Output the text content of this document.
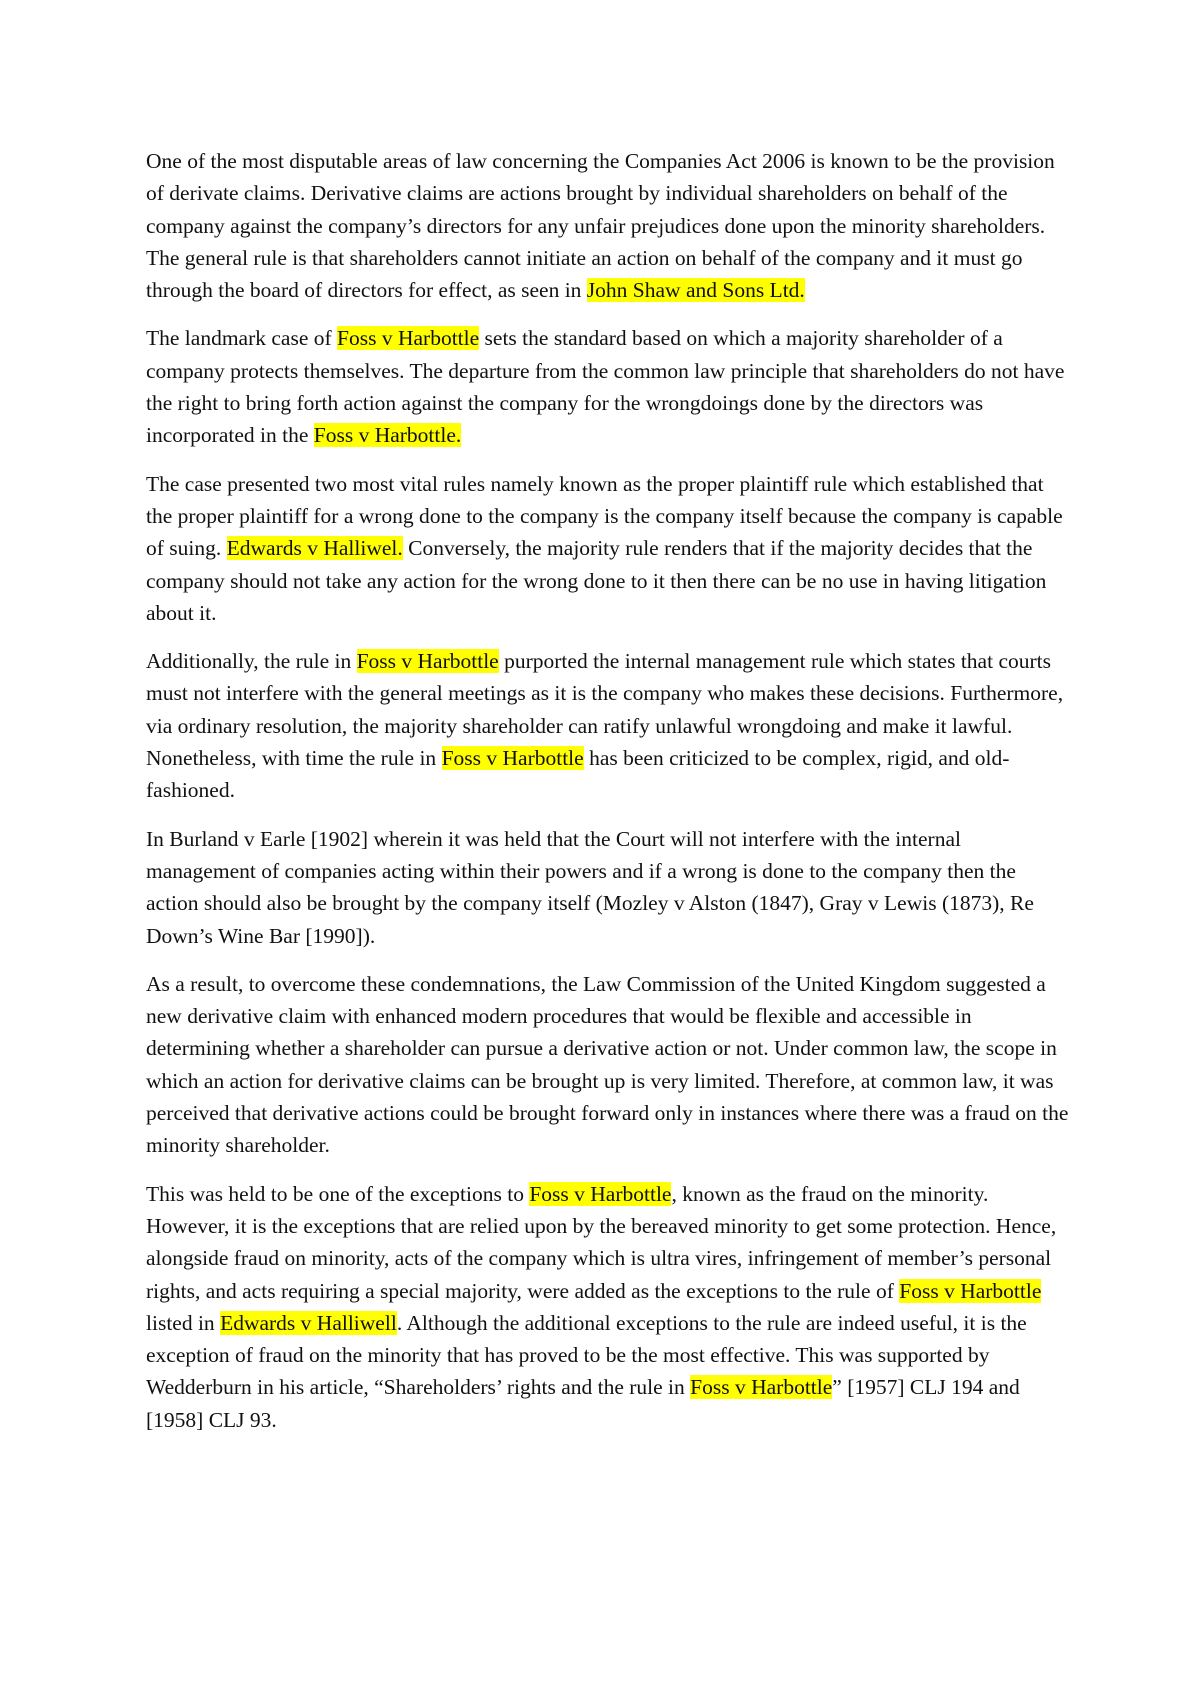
One of the most disputable areas of law concerning the Companies Act 2006 is known to be the provision of derivate claims. Derivative claims are actions brought by individual shareholders on behalf of the company against the company’s directors for any unfair prejudices done upon the minority shareholders. The general rule is that shareholders cannot initiate an action on behalf of the company and it must go through the board of directors for effect, as seen in John Shaw and Sons Ltd.

The landmark case of Foss v Harbottle sets the standard based on which a majority shareholder of a company protects themselves. The departure from the common law principle that shareholders do not have the right to bring forth action against the company for the wrongdoings done by the directors was incorporated in the Foss v Harbottle.

The case presented two most vital rules namely known as the proper plaintiff rule which established that the proper plaintiff for a wrong done to the company is the company itself because the company is capable of suing. Edwards v Halliwel. Conversely, the majority rule renders that if the majority decides that the company should not take any action for the wrong done to it then there can be no use in having litigation about it.

Additionally, the rule in Foss v Harbottle purported the internal management rule which states that courts must not interfere with the general meetings as it is the company who makes these decisions. Furthermore, via ordinary resolution, the majority shareholder can ratify unlawful wrongdoing and make it lawful. Nonetheless, with time the rule in Foss v Harbottle has been criticized to be complex, rigid, and old-fashioned.

In Burland v Earle [1902] wherein it was held that the Court will not interfere with the internal management of companies acting within their powers and if a wrong is done to the company then the action should also be brought by the company itself (Mozley v Alston (1847), Gray v Lewis (1873), Re Down’s Wine Bar [1990]).

As a result, to overcome these condemnations, the Law Commission of the United Kingdom suggested a new derivative claim with enhanced modern procedures that would be flexible and accessible in determining whether a shareholder can pursue a derivative action or not. Under common law, the scope in which an action for derivative claims can be brought up is very limited. Therefore, at common law, it was perceived that derivative actions could be brought forward only in instances where there was a fraud on the minority shareholder.

This was held to be one of the exceptions to Foss v Harbottle, known as the fraud on the minority. However, it is the exceptions that are relied upon by the bereaved minority to get some protection. Hence, alongside fraud on minority, acts of the company which is ultra vires, infringement of member’s personal rights, and acts requiring a special majority, were added as the exceptions to the rule of Foss v Harbottle listed in Edwards v Halliwell. Although the additional exceptions to the rule are indeed useful, it is the exception of fraud on the minority that has proved to be the most effective. This was supported by Wedderburn in his article, “Shareholders’ rights and the rule in Foss v Harbottle” [1957] CLJ 194 and [1958] CLJ 93.
